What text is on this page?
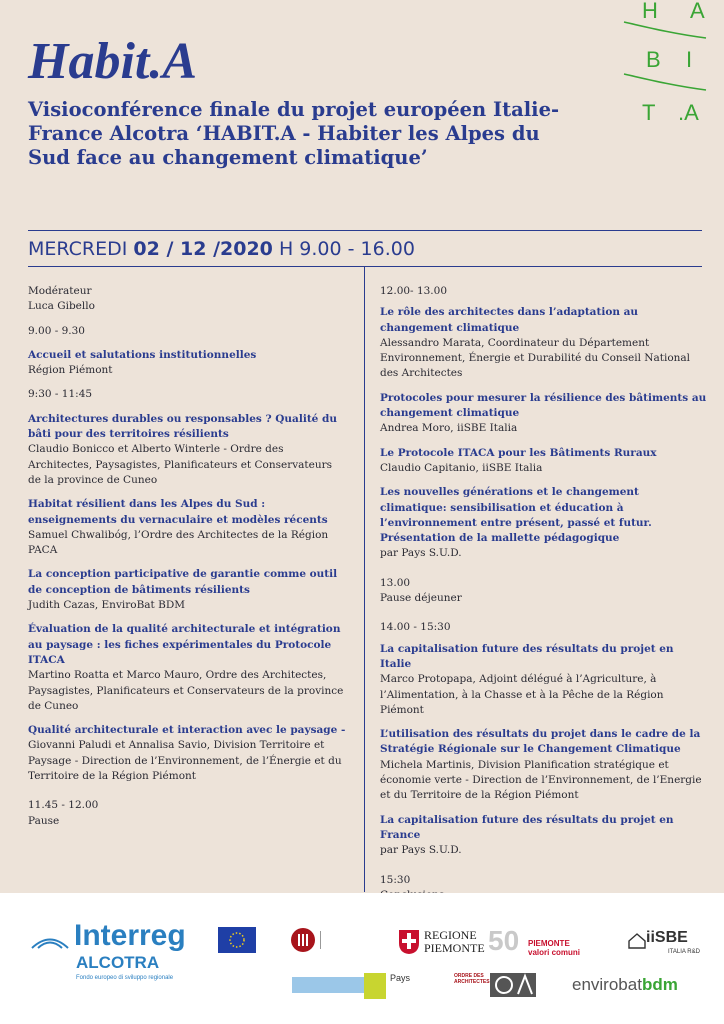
Habit.A
H A
B I
T .A
Visioconférence finale du projet européen Italie-France Alcotra ‘HABIT.A - Habiter les Alpes du Sud face au changement climatique’
MERCREDI 02 / 12 /2020 H 9.00 - 16.00
Modérateur
Luca Gibello
9.00 - 9.30
Accueil et salutations institutionnelles
Région Piémont
9:30 - 11:45
Architectures durables ou responsables ? Qualité du bâti pour des territoires résilients
Claudio Bonicco et Alberto Winterle - Ordre des Architectes, Paysagistes, Planificateurs et Conservateurs de la province de Cuneo
Habitat résilient dans les Alpes du Sud : enseignements du vernaculaire et modèles récents
Samuel Chwalibóg, l’Ordre des Architectes de la Région PACA
La conception participative de garantie comme outil de conception de bâtiments résilients
Judith Cazas, EnviroBat BDM
Évaluation de la qualité architecturale et intégration au paysage : les fiches expérimentales du Protocole ITACA
Martino Roatta et Marco Mauro, Ordre des Architectes, Paysagistes, Planificateurs et Conservateurs de la province de Cuneo
Qualité architecturale et interaction avec le paysage -
Giovanni Paludi et Annalisa Savio, Division Territoire et Paysage - Direction de l’Environnement, de l’Énergie et du Territoire de la Région Piémont
11.45 - 12.00
Pause
12.00- 13.00
Le rôle des architectes dans l’adaptation au changement climatique
Alessandro Marata, Coordinateur du Département Environnement, Énergie et Durabilité du Conseil National des Architectes
Protocoles pour mesurer la résilience des bâtiments au changement climatique
Andrea Moro, iiSBE Italia
Le Protocole ITACA pour les Bâtiments Ruraux
Claudio Capitanio, iiSBE Italia
Les nouvelles générations et le changement climatique: sensibilisation et éducation à l’environnement entre présent, passé et futur. Présentation de la mallette pédagogique
par Pays S.U.D.
13.00
Pause déjeuner
14.00 - 15:30
La capitalisation future des résultats du projet en Italie
Marco Protopapa, Adjoint délégué à l’Agriculture, à l’Alimentation, à la Chasse et à la Pêche de la Région Piémont
L’utilisation des résultats du projet dans le cadre de la Stratégie Régionale sur le Changement Climatique
Michela Martinis, Division Planification stratégique et économie verte - Direction de l’Environnement, de l’Energie et du Territoire de la Région Piémont
La capitalisation future des résultats du projet en France
par Pays S.U.D.
15:30
Interreg
ALCOTRA
Fondo europeo di sviluppo regionale
REGIONE
PIEMONTE 50 PIEMONTE
valori comuni
iiSBE
ITALIA R&D
Pays	ORDRE DES ARCHITECTES	envirobatbdm
